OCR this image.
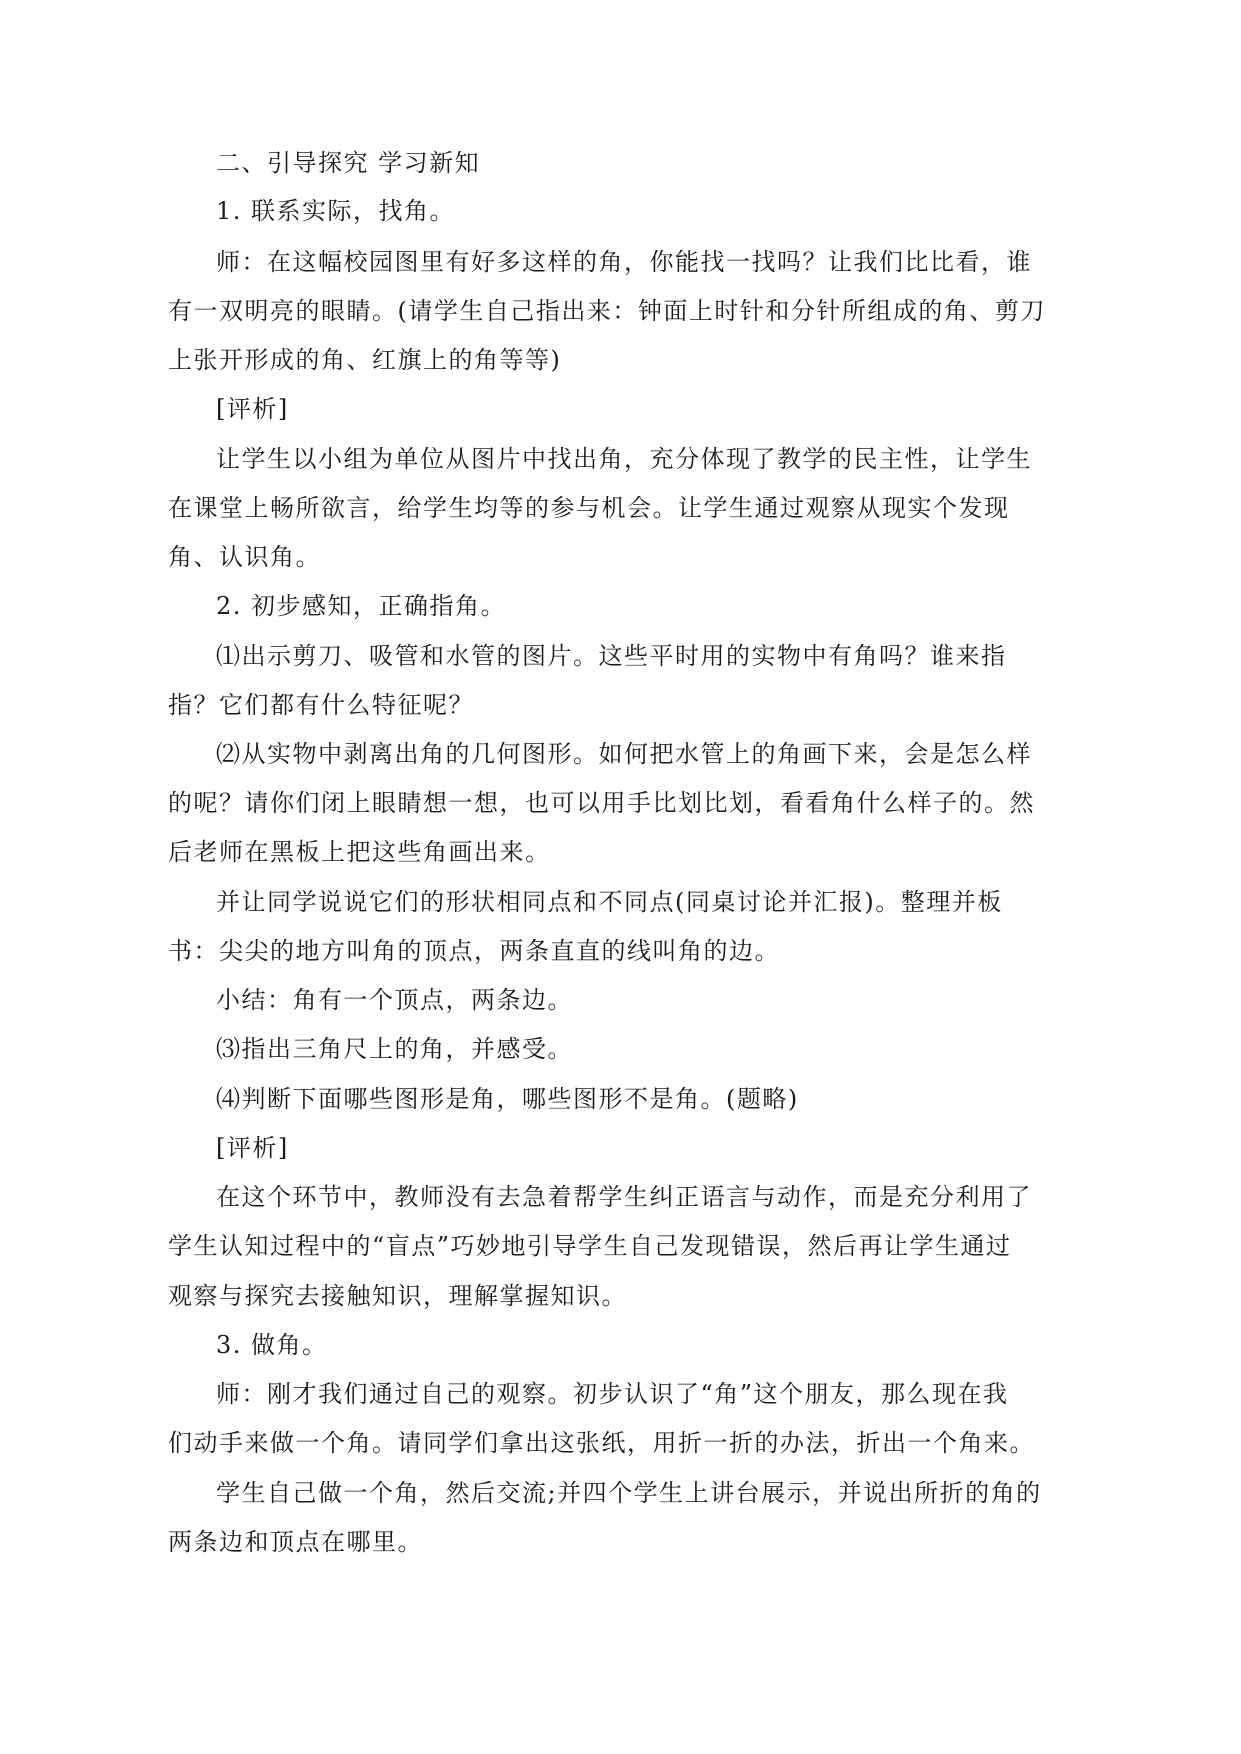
二、引导探究 学习新知
1. 联系实际，找角。
师：在这幅校园图里有好多这样的角，你能找一找吗？让我们比比看，谁
有一双明亮的眼睛。(请学生自己指出来：钟面上时针和分针所组成的角、剪刀
上张开形成的角、红旗上的角等等)
[评析]
让学生以小组为单位从图片中找出角，充分体现了教学的民主性，让学生
在课堂上畅所欲言，给学生均等的参与机会。让学生通过观察从现实个发现
角、认识角。
2. 初步感知，正确指角。
⑴出示剪刀、吸管和水管的图片。这些平时用的实物中有角吗？谁来指
指？它们都有什么特征呢？
⑵从实物中剥离出角的几何图形。如何把水管上的角画下来，会是怎么样
的呢？请你们闭上眼睛想一想，也可以用手比划比划，看看角什么样子的。然
后老师在黑板上把这些角画出来。
并让同学说说它们的形状相同点和不同点(同桌讨论并汇报)。整理并板
书：尖尖的地方叫角的顶点，两条直直的线叫角的边。
小结：角有一个顶点，两条边。
⑶指出三角尺上的角，并感受。
⑷判断下面哪些图形是角，哪些图形不是角。(题略)
[评析]
在这个环节中，教师没有去急着帮学生纠正语言与动作，而是充分利用了
学生认知过程中的“盲点”巧妙地引导学生自己发现错误，然后再让学生通过
观察与探究去接触知识，理解掌握知识。
3. 做角。
师：刚才我们通过自己的观察。初步认识了“角”这个朋友，那么现在我
们动手来做一个角。请同学们拿出这张纸，用折一折的办法，折出一个角来。
学生自己做一个角，然后交流;并四个学生上讲台展示，并说出所折的角的
两条边和顶点在哪里。
